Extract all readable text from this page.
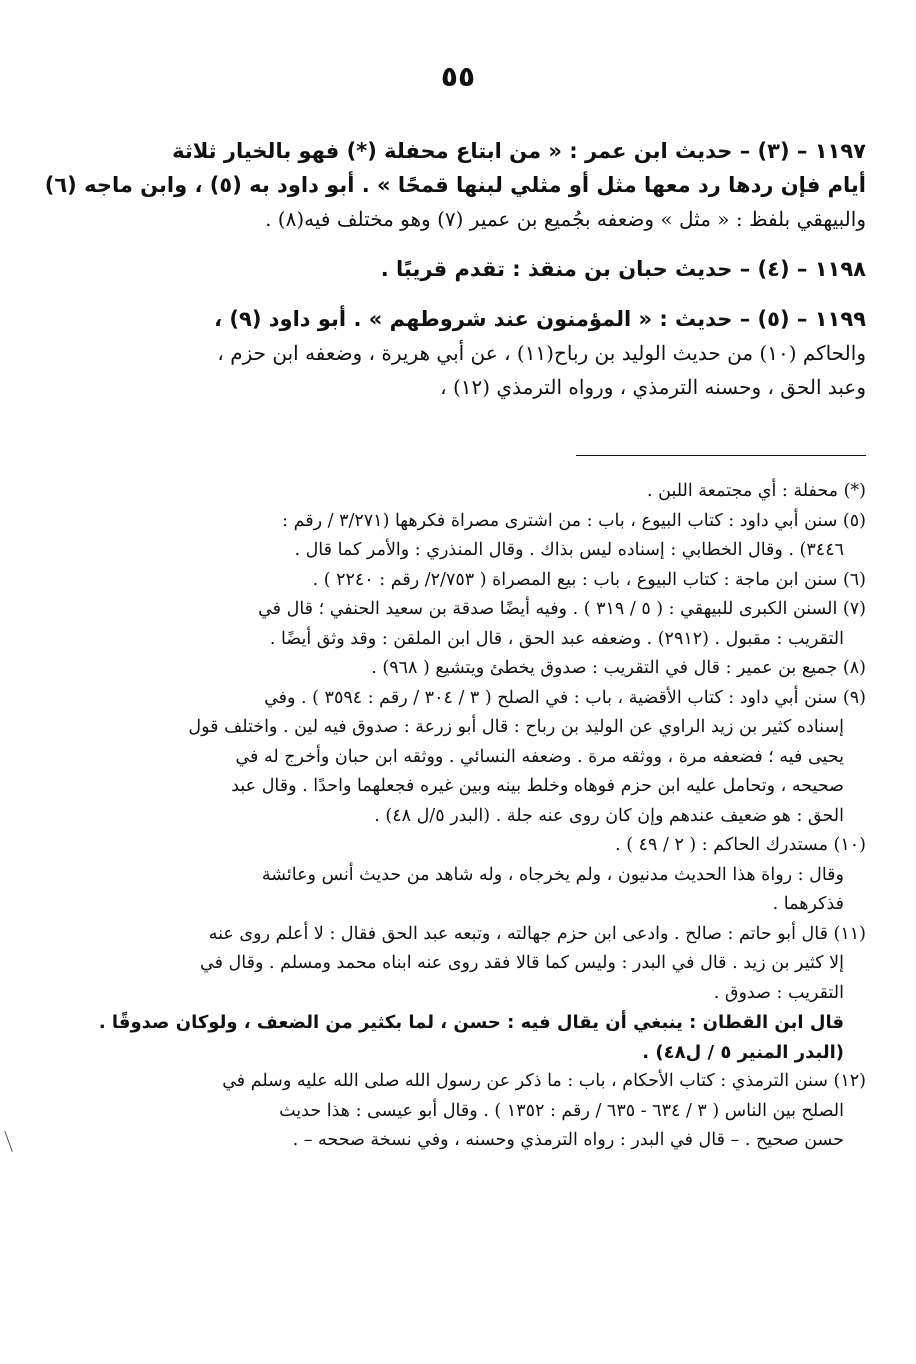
٥٥
١١٩٧ – (٣) – حديث ابن عمر : « من ابتاع محفلة (*) فهو بالخيار ثلاثة
أيام فإن ردها رد معها مثل أو مثلي لبنها قمحًا » . أبو داود به (٥) ، وابن ماجه (٦)
والبيهقي بلفظ : « مثل » وضعفه بجُميع بن عمير (٧) وهو مختلف فيه(٨) .
١١٩٨ – (٤) – حديث حبان بن منقذ : تقدم قريبًا .
١١٩٩ – (٥) – حديث : « المؤمنون عند شروطهم » . أبو داود (٩) ،
والحاكم (١٠) من حديث الوليد بن رباح(١١) ، عن أبي هريرة ، وضعفه ابن حزم ،
وعبد الحق ، وحسنه الترمذي ، ورواه الترمذي (١٢) ،
(*) محفلة : أي مجتمعة اللبن .
(٥) سنن أبي داود : كتاب البيوع ، باب : من اشترى مصراة فكرهها (٣/٢٧١ / رقم :
٣٤٤٦) . وقال الخطابي : إسناده ليس بذاك . وقال المنذري : والأمر كما قال .
(٦) سنن ابن ماجة : كتاب البيوع ، باب : بيع المصراة ( ٢/٧٥٣/ رقم : ٢٢٤٠ ) .
(٧) السنن الكبرى للبيهقي : ( ٥ / ٣١٩ ) . وفيه أيضًا صدقة بن سعيد الحنفي ؛ قال في
التقريب : مقبول . (٢٩١٢) . وضعفه عبد الحق ، قال ابن الملقن : وقد وثق أيضًا .
(٨) جميع بن عمير : قال في التقريب : صدوق يخطئ ويتشيع ( ٩٦٨) .
(٩) سنن أبي داود : كتاب الأقضية ، باب : في الصلح ( ٣ / ٣٠٤ / رقم : ٣٥٩٤ ) . وفي
إسناده كثير بن زيد الراوي عن الوليد بن رباح : قال أبو زرعة : صدوق فيه لين . واختلف قول
يحيى فيه ؛ فضعفه مرة ، ووثقه مرة . وضعفه النسائي . ووثقه ابن حبان وأخرج له في
صحيحه ، وتحامل عليه ابن حزم فوهاه وخلط بينه وبين غيره فجعلهما واحدًا . وقال عبد
الحق : هو ضعيف عندهم وإن كان روى عنه جلة . (البدر ٥/ل ٤٨) .
(١٠) مستدرك الحاكم : ( ٢ / ٤٩ ) .
وقال : رواة هذا الحديث مدنيون ، ولم يخرجاه ، وله شاهد من حديث أنس وعائشة
فذكرهما .
(١١) قال أبو حاتم : صالح . وادعى ابن حزم جهالته ، وتبعه عبد الحق فقال : لا أعلم روى عنه
إلا كثير بن زيد . قال في البدر : وليس كما قالا فقد روى عنه ابناه محمد ومسلم . وقال في
التقريب : صدوق .
قال ابن القطان : ينبغي أن يقال فيه : حسن ، لما بكثير من الضعف ، ولوكان صدوقًا .
(البدر المنير ٥ / ل٤٨) .
(١٢) سنن الترمذي : كتاب الأحكام ، باب : ما ذكر عن رسول الله صلى الله عليه وسلم في
الصلح بين الناس ( ٣ / ٦٣٤ - ٦٣٥ / رقم : ١٣٥٢ ) . وقال أبو عيسى : هذا حديث
حسن صحيح . – قال في البدر : رواه الترمذي وحسنه ، وفي نسخة صححه – .
